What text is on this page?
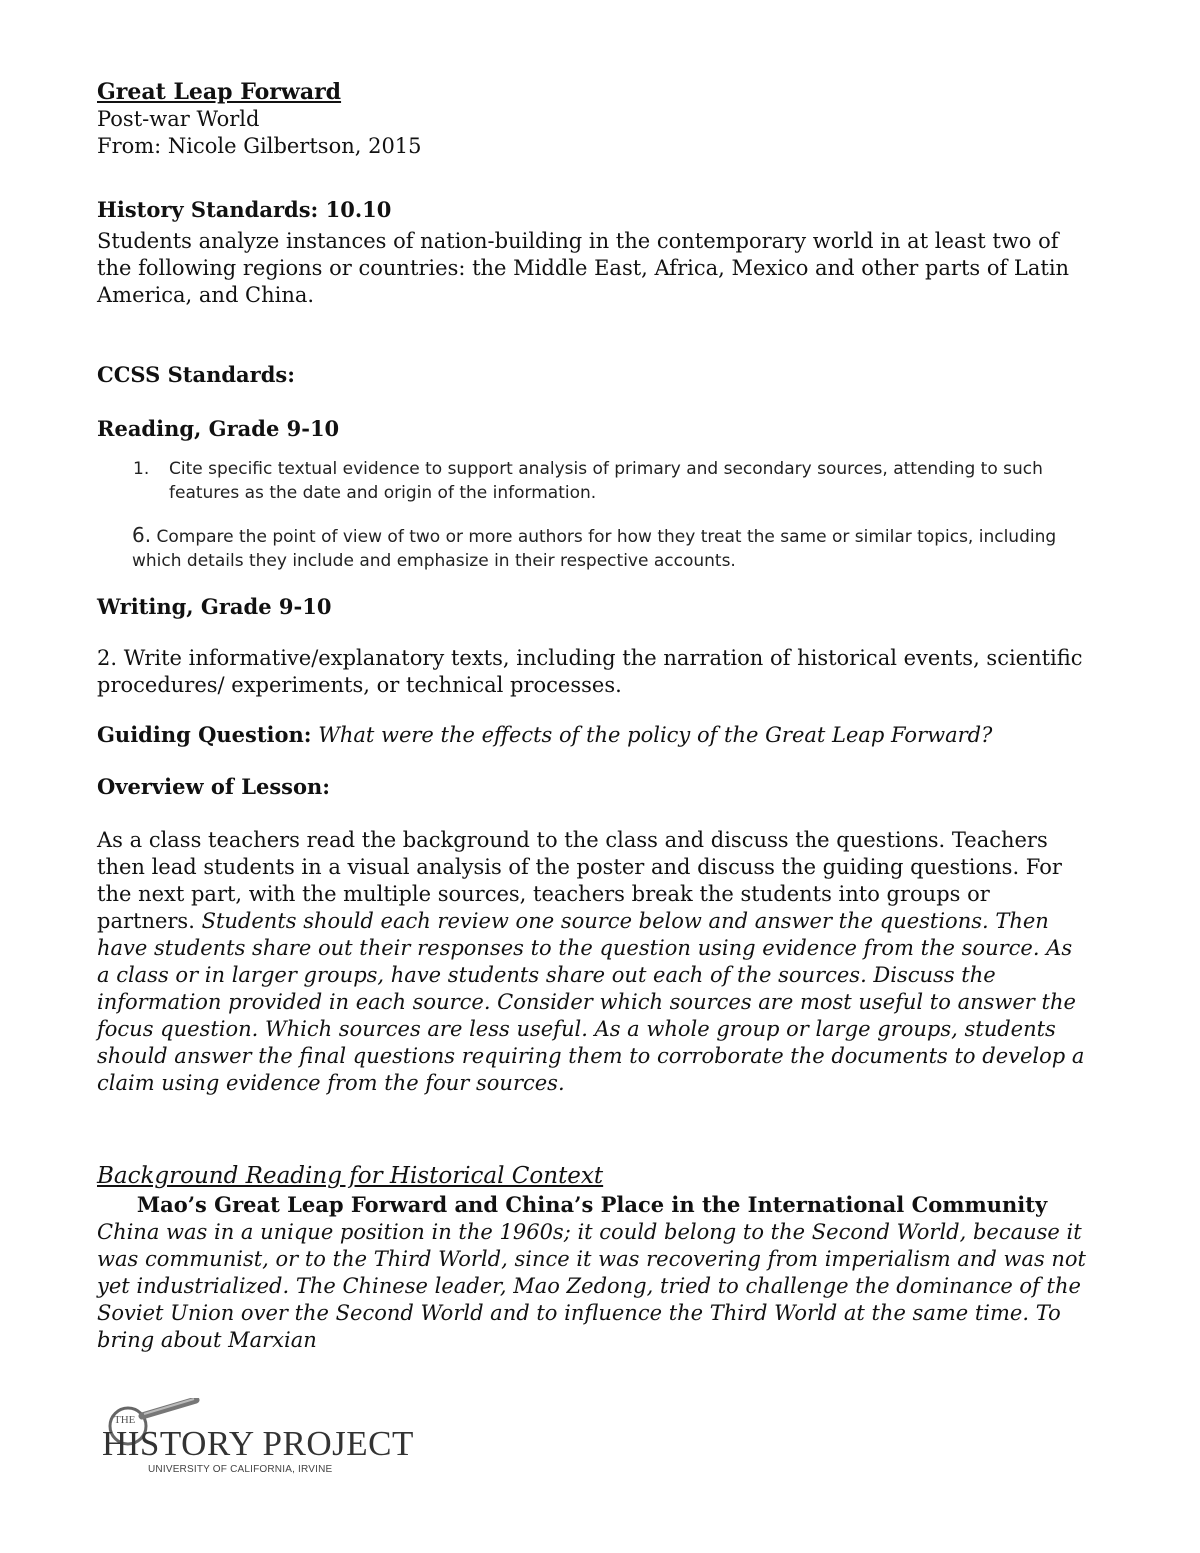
Great Leap Forward
Post-war World
From: Nicole Gilbertson, 2015
History Standards: 10.10

Students analyze instances of nation-building in the contemporary world in at least two of the following regions or countries: the Middle East, Africa, Mexico and other parts of Latin America, and China.

CCSS Standards:
Reading, Grade 9-10
1.	Cite specific textual evidence to support analysis of primary and secondary sources, attending to such features as the date and origin of the information.
6. Compare the point of view of two or more authors for how they treat the same or similar topics, including which details they include and emphasize in their respective accounts.
Writing, Grade 9-10

2. Write informative/explanatory texts, including the narration of historical events, scientific procedures/ experiments, or technical processes.

Guiding Question: What were the effects of the policy of the Great Leap Forward?
Overview of Lesson:

As a class teachers read the background to the class and discuss the questions. Teachers then lead students in a visual analysis of the poster and discuss the guiding questions. For the next part, with the multiple sources, teachers break the students into groups or partners. Students should each review one source below and answer the questions. Then have students share out their responses to the question using evidence from the source. As a class or in larger groups, have students share out each of the sources. Discuss the information provided in each source. Consider which sources are most useful to answer the focus question. Which sources are less useful. As a whole group or large groups, students should answer the final questions requiring them to corroborate the documents to develop a claim using evidence from the four sources.

Background Reading for Historical Context
Mao’s Great Leap Forward and China’s Place in the International Community

China was in a unique position in the 1960s; it could belong to the Second World, because it was communist, or to the Third World, since it was recovering from imperialism and was not yet industrialized. The Chinese leader, Mao Zedong, tried to challenge the dominance of the Soviet Union over the Second World and to influence the Third World at the same time. To bring about Marxian

THE
HISTORY PROJECT
UNIVERSITY OF CALIFORNIA, IRVINE
